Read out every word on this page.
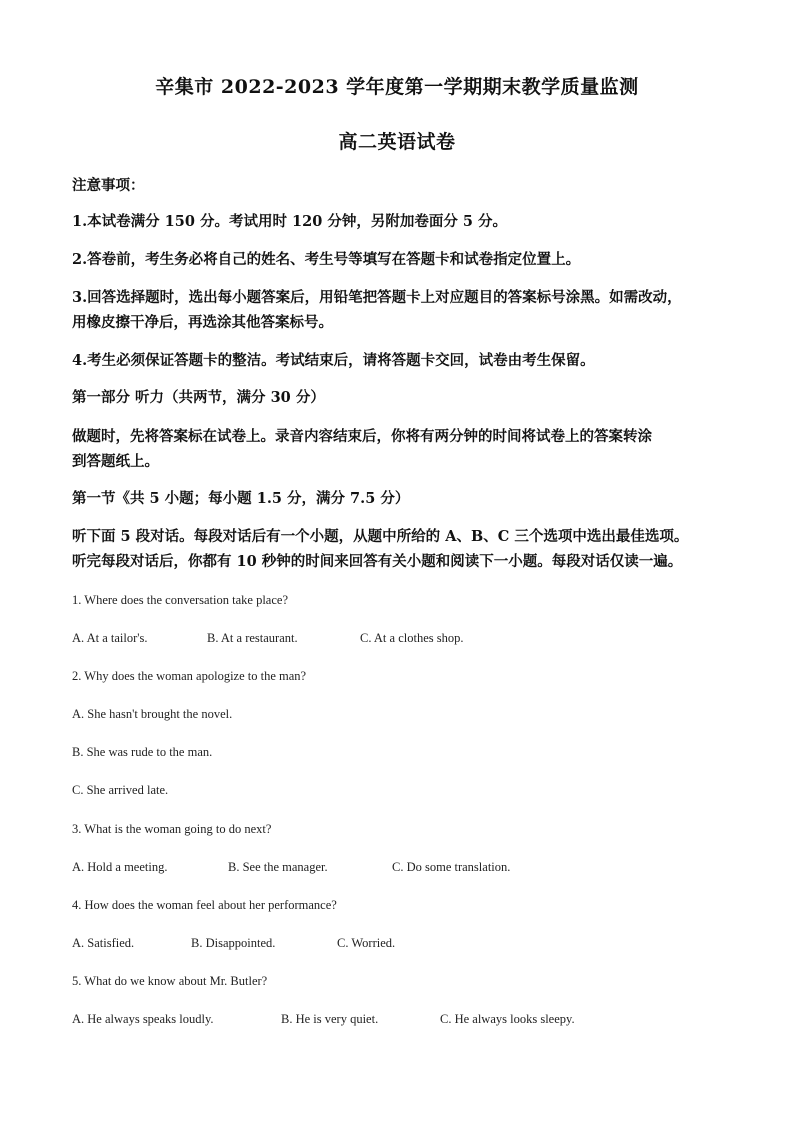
辛集市 2022-2023 学年度第一学期期末教学质量监测
高二英语试卷
注意事项：
1.本试卷满分 150 分。考试用时 120 分钟，另附加卷面分 5 分。
2.答卷前，考生务必将自己的姓名、考生号等填写在答题卡和试卷指定位置上。
3.回答选择题时，选出每小题答案后，用铅笔把答题卡上对应题目的答案标号涂黑。如需改动，
用橡皮擦干净后，再选涂其他答案标号。
4.考生必须保证答题卡的整洁。考试结束后，请将答题卡交回，试卷由考生保留。
第一部分 听力（共两节，满分 30 分）
做题时，先将答案标在试卷上。录音内容结束后，你将有两分钟的时间将试卷上的答案转涂
到答题纸上。
第一节《共 5 小题；每小题 1.5 分，满分 7.5 分）
听下面 5 段对话。每段对话后有一个小题，从题中所给的 A、B、C 三个选项中选出最佳选项。
听完每段对话后，你都有 10 秒钟的时间来回答有关小题和阅读下一小题。每段对话仅读一遍。
1. Where does the conversation take place?
A. At a tailor's.	B. At a restaurant.	C. At a clothes shop.
2. Why does the woman apologize to the man?
A. She hasn't brought the novel.
B. She was rude to the man.
C. She arrived late.
3. What is the woman going to do next?
A. Hold a meeting.	B. See the manager.	C. Do some translation.
4. How does the woman feel about her performance?
A. Satisfied.	B. Disappointed.	C. Worried.
5. What do we know about Mr. Butler?
A. He always speaks loudly.	B. He is very quiet.	C. He always looks sleepy.
